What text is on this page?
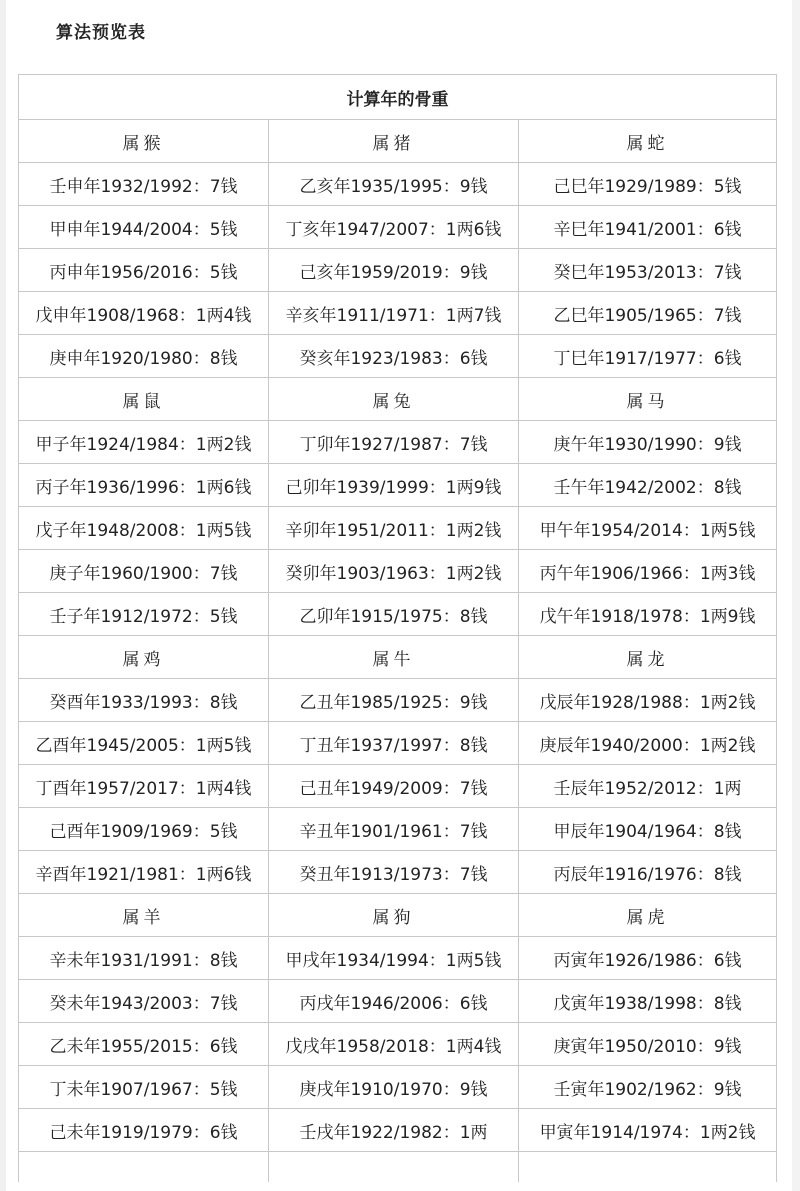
算法预览表
计算年的骨重		
属猴	属猪	属蛇
壬申年1932/1992：7钱	乙亥年1935/1995：9钱	己巳年1929/1989：5钱
甲申年1944/2004：5钱	丁亥年1947/2007：1两6钱	辛巳年1941/2001：6钱
丙申年1956/2016：5钱	己亥年1959/2019：9钱	癸巳年1953/2013：7钱
戊申年1908/1968：1两4钱	辛亥年1911/1971：1两7钱	乙巳年1905/1965：7钱
庚申年1920/1980：8钱	癸亥年1923/1983：6钱	丁巳年1917/1977：6钱
属鼠	属兔	属马
甲子年1924/1984：1两2钱	丁卯年1927/1987：7钱	庚午年1930/1990：9钱
丙子年1936/1996：1两6钱	己卯年1939/1999：1两9钱	壬午年1942/2002：8钱
戊子年1948/2008：1两5钱	辛卯年1951/2011：1两2钱	甲午年1954/2014：1两5钱
庚子年1960/1900：7钱	癸卯年1903/1963：1两2钱	丙午年1906/1966：1两3钱
壬子年1912/1972：5钱	乙卯年1915/1975：8钱	戊午年1918/1978：1两9钱
属鸡	属牛	属龙
癸酉年1933/1993：8钱	乙丑年1985/1925：9钱	戊辰年1928/1988：1两2钱
乙酉年1945/2005：1两5钱	丁丑年1937/1997：8钱	庚辰年1940/2000：1两2钱
丁酉年1957/2017：1两4钱	己丑年1949/2009：7钱	壬辰年1952/2012：1两
己酉年1909/1969：5钱	辛丑年1901/1961：7钱	甲辰年1904/1964：8钱
辛酉年1921/1981：1两6钱	癸丑年1913/1973：7钱	丙辰年1916/1976：8钱
属羊	属狗	属虎
辛未年1931/1991：8钱	甲戌年1934/1994：1两5钱	丙寅年1926/1986：6钱
癸未年1943/2003：7钱	丙戌年1946/2006：6钱	戊寅年1938/1998：8钱
乙未年1955/2015：6钱	戊戌年1958/2018：1两4钱	庚寅年1950/2010：9钱
丁未年1907/1967：5钱	庚戌年1910/1970：9钱	壬寅年1902/1962：9钱
己未年1919/1979：6钱	壬戌年1922/1982：1两	甲寅年1914/1974：1两2钱
